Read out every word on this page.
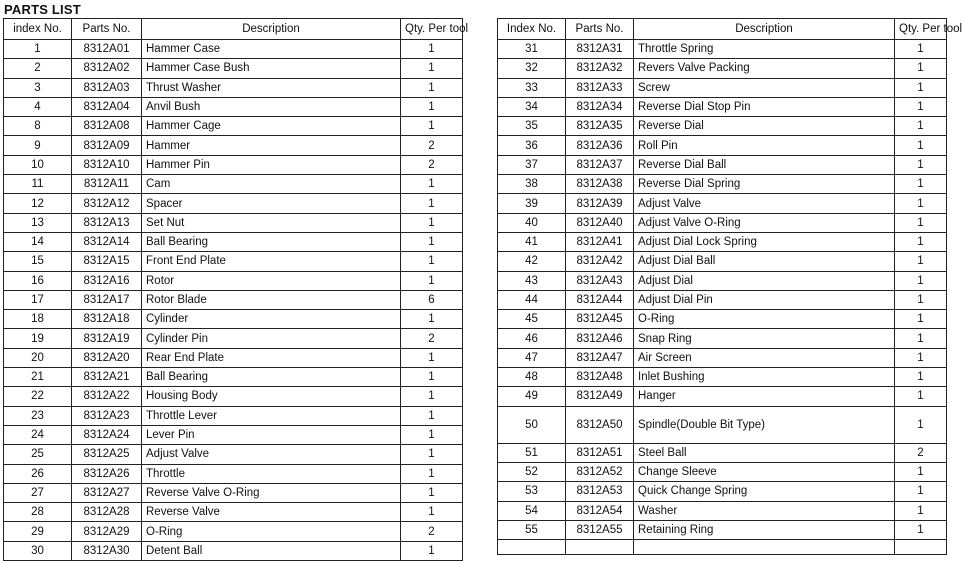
PARTS LIST
index No.	Parts No.	Description	Qty. Per tool
1	8312A01	Hammer Case	1
2	8312A02	Hammer Case Bush	1
3	8312A03	Thrust Washer	1
4	8312A04	Anvil Bush	1
8	8312A08	Hammer Cage	1
9	8312A09	Hammer	2
10	8312A10	Hammer Pin	2
11	8312A11	Cam	1
12	8312A12	Spacer	1
13	8312A13	Set Nut	1
14	8312A14	Ball Bearing	1
15	8312A15	Front End Plate	1
16	8312A16	Rotor	1
17	8312A17	Rotor Blade	6
18	8312A18	Cylinder	1
19	8312A19	Cylinder Pin	2
20	8312A20	Rear End Plate	1
21	8312A21	Ball Bearing	1
22	8312A22	Housing Body	1
23	8312A23	Throttle Lever	1
24	8312A24	Lever Pin	1
25	8312A25	Adjust Valve	1
26	8312A26	Throttle	1
27	8312A27	Reverse Valve O-Ring	1
28	8312A28	Reverse Valve	1
29	8312A29	O-Ring	2
30	8312A30	Detent Ball	1
Index No.	Parts No.	Description	Qty. Per tool
31	8312A31	Throttle Spring	1
32	8312A32	Revers Valve Packing	1
33	8312A33	Screw	1
34	8312A34	Reverse Dial Stop Pin	1
35	8312A35	Reverse Dial	1
36	8312A36	Roll Pin	1
37	8312A37	Reverse Dial Ball	1
38	8312A38	Reverse Dial Spring	1
39	8312A39	Adjust Valve	1
40	8312A40	Adjust Valve O-Ring	1
41	8312A41	Adjust Dial Lock Spring	1
42	8312A42	Adjust Dial Ball	1
43	8312A43	Adjust Dial	1
44	8312A44	Adjust Dial Pin	1
45	8312A45	O-Ring	1
46	8312A46	Snap Ring	1
47	8312A47	Air Screen	1
48	8312A48	Inlet Bushing	1
49	8312A49	Hanger	1
50	8312A50	Spindle(Double Bit Type)	1
51	8312A51	Steel Ball	2
52	8312A52	Change Sleeve	1
53	8312A53	Quick Change Spring	1
54	8312A54	Washer	1
55	8312A55	Retaining Ring	1
